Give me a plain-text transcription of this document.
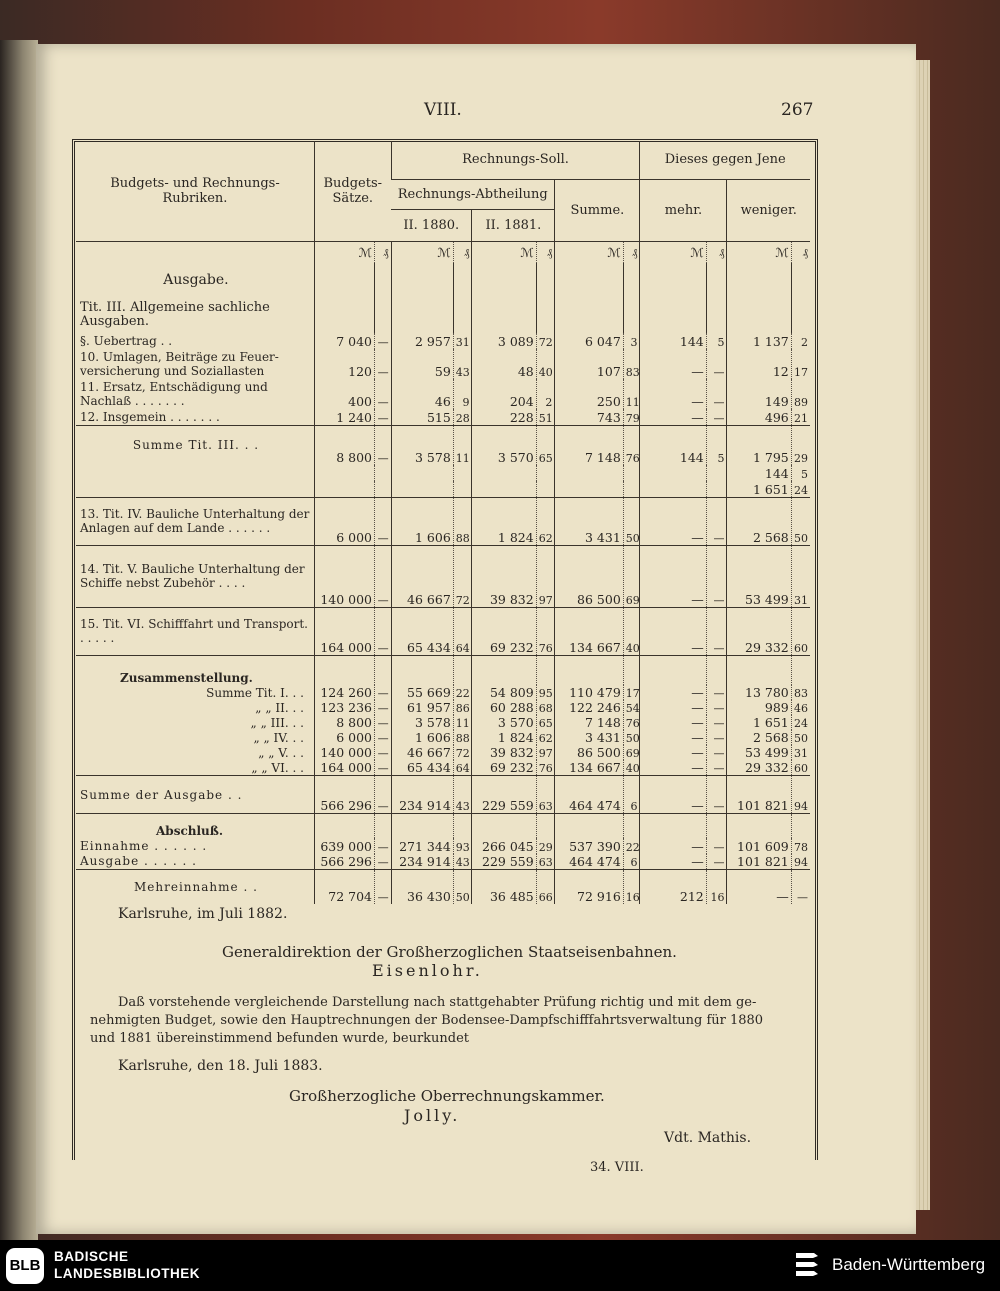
VIII.	267
Budgets- und Rechnungs-Rubriken.	Budgets-Sätze.		Rechnungs-Soll.						Dieses gegen Jene			
			Rechnungs-Abtheilung				Summe.		mehr.		weniger.	
			II. 1880.		II. 1881.							
	ℳ	₰	ℳ	₰	ℳ	₰	ℳ	₰	ℳ	₰	ℳ	₰
Ausgabe.												
Tit. III. Allgemeine sachliche Ausgaben.												
§. Uebertrag . .	7 040	—	2 957	31	3 089	72	6 047	3	144	5	1 137	2
10. Umlagen, Beiträge zu Feuerversicherung und Soziallasten	120	—	59	43	48	40	107	83	—	—	12	17
11. Ersatz, Entschädigung und Nachlaß . . . . . . .	400	—	46	9	204	2	250	11	—	—	149	89
12. Insgemein . . . . . . .	1 240	—	515	28	228	51	743	79	—	—	496	21
Summe Tit. III. . .	8 800	—	3 578	11	3 570	65	7 148	76	144	5	1 795	29
											144	5
											1 651	24
13. Tit. IV. Bauliche Unterhaltung der Anlagen auf dem Lande . . . . . .	6 000	—	1 606	88	1 824	62	3 431	50	—	—	2 568	50
14. Tit. V. Bauliche Unterhaltung der Schiffe nebst Zubehör . . . .	140 000	—	46 667	72	39 832	97	86 500	69	—	—	53 499	31
15. Tit. VI. Schifffahrt und Transport. . . . . .	164 000	—	65 434	64	69 232	76	134 667	40	—	—	29 332	60
Zusammenstellung.												
Summe Tit. I. . .	124 260	—	55 669	22	54 809	95	110 479	17	—	—	13 780	83
„ „ II. . .	123 236	—	61 957	86	60 288	68	122 246	54	—	—	989	46
„ „ III. . .	8 800	—	3 578	11	3 570	65	7 148	76	—	—	1 651	24
„ „ IV. . .	6 000	—	1 606	88	1 824	62	3 431	50	—	—	2 568	50
„ „ V. . .	140 000	—	46 667	72	39 832	97	86 500	69	—	—	53 499	31
„ „ VI. . .	164 000	—	65 434	64	69 232	76	134 667	40	—	—	29 332	60
Summe der Ausgabe . .	566 296	—	234 914	43	229 559	63	464 474	6	—	—	101 821	94
Abschluß.												
Einnahme . . . . . .	639 000	—	271 344	93	266 045	29	537 390	22	—	—	101 609	78
Ausgabe . . . . . .	566 296	—	234 914	43	229 559	63	464 474	6	—	—	101 821	94
Mehreinnahme . .	72 704	—	36 430	50	36 485	66	72 916	16	212	16	—	—
Karlsruhe, im Juli 1882.
Generaldirektion der Großherzoglichen Staatseisenbahnen.
Eisenlohr.
Daß vorstehende vergleichende Darstellung nach stattgehabter Prüfung richtig und mit dem genehmigten Budget, sowie den Hauptrechnungen der Bodensee-Dampfschifffahrtsverwaltung für 1880 und 1881 übereinstimmend befunden wurde, beurkundet
Karlsruhe, den 18. Juli 1883.
Großherzogliche Oberrechnungskammer.
Jolly.
Vdt. Mathis.
34. VIII.
BLB
BADISCHE
LANDESBIBLIOTHEK	Baden-Württemberg
